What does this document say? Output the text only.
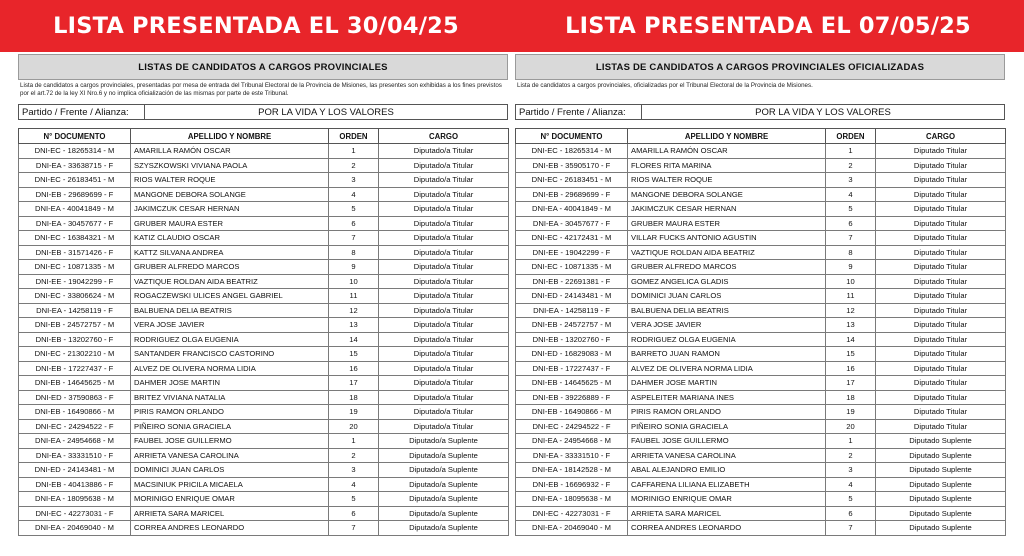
LISTA PRESENTADA EL 30/04/25	LISTA PRESENTADA EL 07/05/25
LISTAS DE CANDIDATOS A CARGOS PROVINCIALES
Lista de candidatos a cargos provinciales, presentadas por mesa de entrada del Tribunal Electoral de la Provincia de Misiones, las presentes son exhibidas a los fines previstos por el art.72 de la ley XI Nro.6 y no implica oficialización de las mismas por parte de este Tribunal.
Partido / Frente / Alianza:	POR LA VIDA Y LOS VALORES
N° DOCUMENTO	APELLIDO Y NOMBRE	ORDEN	CARGO
DNI-EC - 18265314 - M	AMARILLA RAMÓN OSCAR	1	Diputado/a Titular
DNI-EA - 33638715 - F	SZYSZKOWSKI VIVIANA PAOLA	2	Diputado/a Titular
DNI-EC - 26183451 - M	RIOS WALTER ROQUE	3	Diputado/a Titular
DNI-EB - 29689699 - F	MANGONE DEBORA SOLANGE	4	Diputado/a Titular
DNI-EA - 40041849 - M	JAKIMCZUK CESAR HERNAN	5	Diputado/a Titular
DNI-EA - 30457677 - F	GRUBER MAURA ESTER	6	Diputado/a Titular
DNI-EC - 16384321 - M	KATIZ CLAUDIO OSCAR	7	Diputado/a Titular
DNI-EB - 31571426 - F	KATTZ SILVANA ANDREA	8	Diputado/a Titular
DNI-EC - 10871335 - M	GRUBER ALFREDO MARCOS	9	Diputado/a Titular
DNI-EE - 19042299 - F	VAZTIQUE ROLDAN AIDA BEATRIZ	10	Diputado/a Titular
DNI-EC - 33806624 - M	ROGACZEWSKI ULICES ANGEL GABRIEL	11	Diputado/a Titular
DNI-EA - 14258119 - F	BALBUENA DELIA BEATRIS	12	Diputado/a Titular
DNI-EB - 24572757 - M	VERA JOSE JAVIER	13	Diputado/a Titular
DNI-EB - 13202760 - F	RODRIGUEZ OLGA EUGENIA	14	Diputado/a Titular
DNI-EC - 21302210 - M	SANTANDER FRANCISCO CASTORINO	15	Diputado/a Titular
DNI-EB - 17227437 - F	ALVEZ DE OLIVERA NORMA LIDIA	16	Diputado/a Titular
DNI-EB - 14645625 - M	DAHMER JOSE MARTIN	17	Diputado/a Titular
DNI-ED - 37590863 - F	BRITEZ VIVIANA NATALIA	18	Diputado/a Titular
DNI-EB - 16490866 - M	PIRIS RAMON ORLANDO	19	Diputado/a Titular
DNI-EC - 24294522 - F	PIÑEIRO SONIA GRACIELA	20	Diputado/a Titular
DNI-EA - 24954668 - M	FAUBEL JOSE GUILLERMO	1	Diputado/a Suplente
DNI-EA - 33331510 - F	ARRIETA VANESA CAROLINA	2	Diputado/a Suplente
DNI-ED - 24143481 - M	DOMINICI JUAN CARLOS	3	Diputado/a Suplente
DNI-EB - 40413886 - F	MACSINIUK PRICILA MICAELA	4	Diputado/a Suplente
DNI-EA - 18095638 - M	MORINIGO ENRIQUE OMAR	5	Diputado/a Suplente
DNI-EC - 42273031 - F	ARRIETA SARA MARICEL	6	Diputado/a Suplente
DNI-EA - 20469040 - M	CORREA ANDRES LEONARDO	7	Diputado/a Suplente
LISTAS DE CANDIDATOS A CARGOS PROVINCIALES OFICIALIZADAS
Lista de candidatos a cargos provinciales, oficializadas por el Tribunal Electoral de la Provincia de Misiones.
Partido / Frente / Alianza:	POR LA VIDA Y LOS VALORES
N° DOCUMENTO	APELLIDO Y NOMBRE	ORDEN	CARGO
DNI-EC - 18265314 - M	AMARILLA RAMÓN OSCAR	1	Diputado Titular
DNI-EB - 35905170 - F	FLORES RITA MARINA	2	Diputado Titular
DNI-EC - 26183451 - M	RIOS WALTER ROQUE	3	Diputado Titular
DNI-EB - 29689699 - F	MANGONE DEBORA SOLANGE	4	Diputado Titular
DNI-EA - 40041849 - M	JAKIMCZUK CESAR HERNAN	5	Diputado Titular
DNI-EA - 30457677 - F	GRUBER MAURA ESTER	6	Diputado Titular
DNI-EC - 42172431 - M	VILLAR FUCKS ANTONIO AGUSTIN	7	Diputado Titular
DNI-EE - 19042299 - F	VAZTIQUE ROLDAN AIDA BEATRIZ	8	Diputado Titular
DNI-EC - 10871335 - M	GRUBER ALFREDO MARCOS	9	Diputado Titular
DNI-EB - 22691381 - F	GOMEZ ANGELICA GLADIS	10	Diputado Titular
DNI-ED - 24143481 - M	DOMINICI JUAN CARLOS	11	Diputado Titular
DNI-EA - 14258119 - F	BALBUENA DELIA BEATRIS	12	Diputado Titular
DNI-EB - 24572757 - M	VERA JOSE JAVIER	13	Diputado Titular
DNI-EB - 13202760 - F	RODRIGUEZ OLGA EUGENIA	14	Diputado Titular
DNI-ED - 16829083 - M	BARRETO JUAN RAMON	15	Diputado Titular
DNI-EB - 17227437 - F	ALVEZ DE OLIVERA NORMA LIDIA	16	Diputado Titular
DNI-EB - 14645625 - M	DAHMER JOSE MARTIN	17	Diputado Titular
DNI-EB - 39226889 - F	ASPELEITER MARIANA INES	18	Diputado Titular
DNI-EB - 16490866 - M	PIRIS RAMON ORLANDO	19	Diputado Titular
DNI-EC - 24294522 - F	PIÑEIRO SONIA GRACIELA	20	Diputado Titular
DNI-EA - 24954668 - M	FAUBEL JOSE GUILLERMO	1	Diputado Suplente
DNI-EA - 33331510 - F	ARRIETA VANESA CAROLINA	2	Diputado Suplente
DNI-EA - 18142528 - M	ABAL ALEJANDRO EMILIO	3	Diputado Suplente
DNI-EB - 16696932 - F	CAFFARENA LILIANA ELIZABETH	4	Diputado Suplente
DNI-EA - 18095638 - M	MORINIGO ENRIQUE OMAR	5	Diputado Suplente
DNI-EC - 42273031 - F	ARRIETA SARA MARICEL	6	Diputado Suplente
DNI-EA - 20469040 - M	CORREA ANDRES LEONARDO	7	Diputado Suplente
